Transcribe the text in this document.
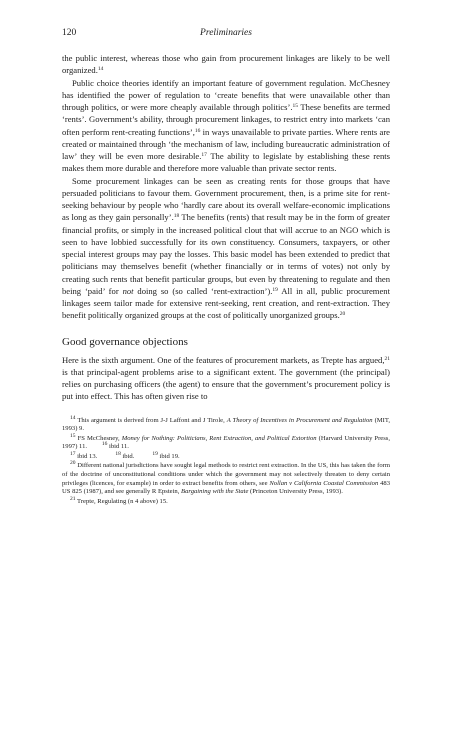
120	Preliminaries

the public interest, whereas those who gain from procurement linkages are likely to be well organized.$^{14}$

Public choice theories identify an important feature of government regulation. McChesney has identified the power of regulation to ‘create benefits that were unavailable other than through politics, or were more cheaply available through politics’.$^{15}$ These benefits are termed ‘rents’. Government’s ability, through procurement linkages, to restrict entry into markets ‘can often perform rent-creating functions’,$^{16}$ in ways unavailable to private parties. Where rents are created or maintained through ‘the mechanism of law, including bureaucratic administration of law’ they will be even more desirable.$^{17}$ The ability to legislate by establishing these rents makes them more durable and therefore more valuable than private sector rents.

Some procurement linkages can be seen as creating rents for those groups that have persuaded politicians to favour them. Government procurement, then, is a prime site for rent-seeking behaviour by people who ‘hardly care about its overall welfare-economic implications as long as they gain personally’.$^{18}$ The benefits (rents) that result may be in the form of greater financial profits, or simply in the increased political clout that will accrue to an NGO which is seen to have lobbied successfully for its own constituency. Consumers, taxpayers, or other special interest groups may pay the losses. This basic model has been extended to predict that politicians may themselves benefit (whether financially or in terms of votes) not only by creating such rents that benefit particular groups, but even by threatening to regulate and then being ‘paid’ for not doing so (so called ‘rent-extraction’).$^{19}$ All in all, public procurement linkages seem tailor made for extensive rent-seeking, rent creation, and rent-extraction. They benefit politically organized groups at the cost of politically unorganized groups.$^{20}$

Good governance objections

Here is the sixth argument. One of the features of procurement markets, as Trepte has argued,$^{21}$ is that principal-agent problems arise to a significant extent. The government (the principal) relies on purchasing officers (the agent) to ensure that the government’s procurement policy is put into effect. This has often given rise to

$^{14}$ This argument is derived from J-J Laffont and J Tirole, A Theory of Incentives in Procurement and Regulation (MIT, 1993) 9.

$^{15}$ FS McChesney, Money for Nothing: Politicians, Rent Extraction, and Political Extortion (Harvard University Press, 1997) 11.	$^{16}$ ibid 11.

$^{17}$ ibid 13.	$^{18}$ ibid.	$^{19}$ ibid 19.

$^{20}$ Different national jurisdictions have sought legal methods to restrict rent extraction. In the US, this has taken the form of the doctrine of unconstitutional conditions under which the government may not selectively threaten to deny certain privileges (licences, for example) in order to extract benefits from others, see Nollan v California Coastal Commission 483 US 825 (1987), and see generally R Epstein, Bargaining with the State (Princeton University Press, 1993).

$^{21}$ Trepte, Regulating (n 4 above) 15.
